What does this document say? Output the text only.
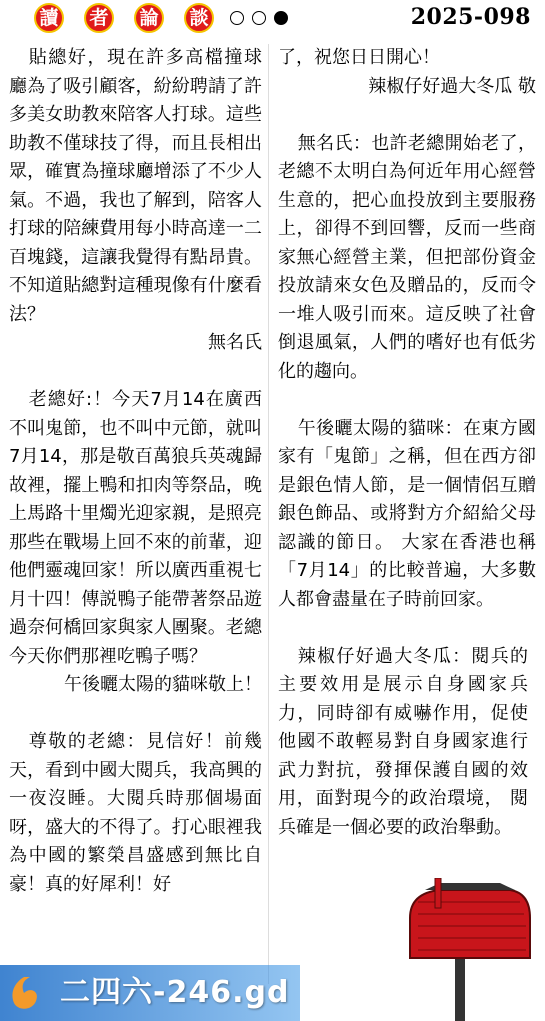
讀 者 論 談	2025-098

貼總好，現在許多高檔撞球廳為了吸引顧客，紛紛聘請了許多美女助教來陪客人打球。這些助教不僅球技了得，而且長相出眾，確實為撞球廳增添了不少人氣。不過，我也了解到，陪客人打球的陪練費用每小時高達一二百塊錢，這讓我覺得有點昂貴。不知道貼總對這種現像有什麼看法？

無名氏

老總好:！今天7月14在廣西不叫鬼節，也不叫中元節，就叫7月14，那是敬百萬狼兵英魂歸故裡，擺上鴨和扣肉等祭品，晚上馬路十里燭光迎家親，是照亮那些在戰場上回不來的前輩，迎他們靈魂回家！所以廣西重視七月十四！傳説鴨子能帶著祭品遊過奈何橋回家與家人團聚。老總今天你們那裡吃鴨子嗎？

午後曬太陽的貓咪敬上！

尊敬的老總：見信好！前幾天，看到中國大閱兵，我高興的一夜沒睡。大閱兵時那個場面呀，盛大的不得了。打心眼裡我為中國的繁榮昌盛感到無比自豪！真的好犀利！好

了，祝您日日開心！

辣椒仔好過大冬瓜 敬

無名氏：也許老總開始老了，老總不太明白為何近年用心經營生意的，把心血投放到主要服務上，卻得不到回響，反而一些商家無心經營主業，但把部份資金投放請來女色及贈品的，反而令一堆人吸引而來。這反映了社會倒退風氣，人們的嗜好也有低劣化的趨向。

午後曬太陽的貓咪：在東方國家有「鬼節」之稱，但在西方卻是銀色情人節，是一個情侶互贈銀色飾品、或將對方介紹給父母認識的節日。 大家在香港也稱「7月14」的比較普遍，大多數人都會盡量在子時前回家。

辣椒仔好過大冬瓜：閱兵的主要效用是展示自身國家兵力，同時卻有威嚇作用，促使他國不敢輕易對自身國家進行武力對抗，發揮保護自國的效用，面對現今的政治環境， 閱兵確是一個必要的政治舉動。

二四六-246.gd
